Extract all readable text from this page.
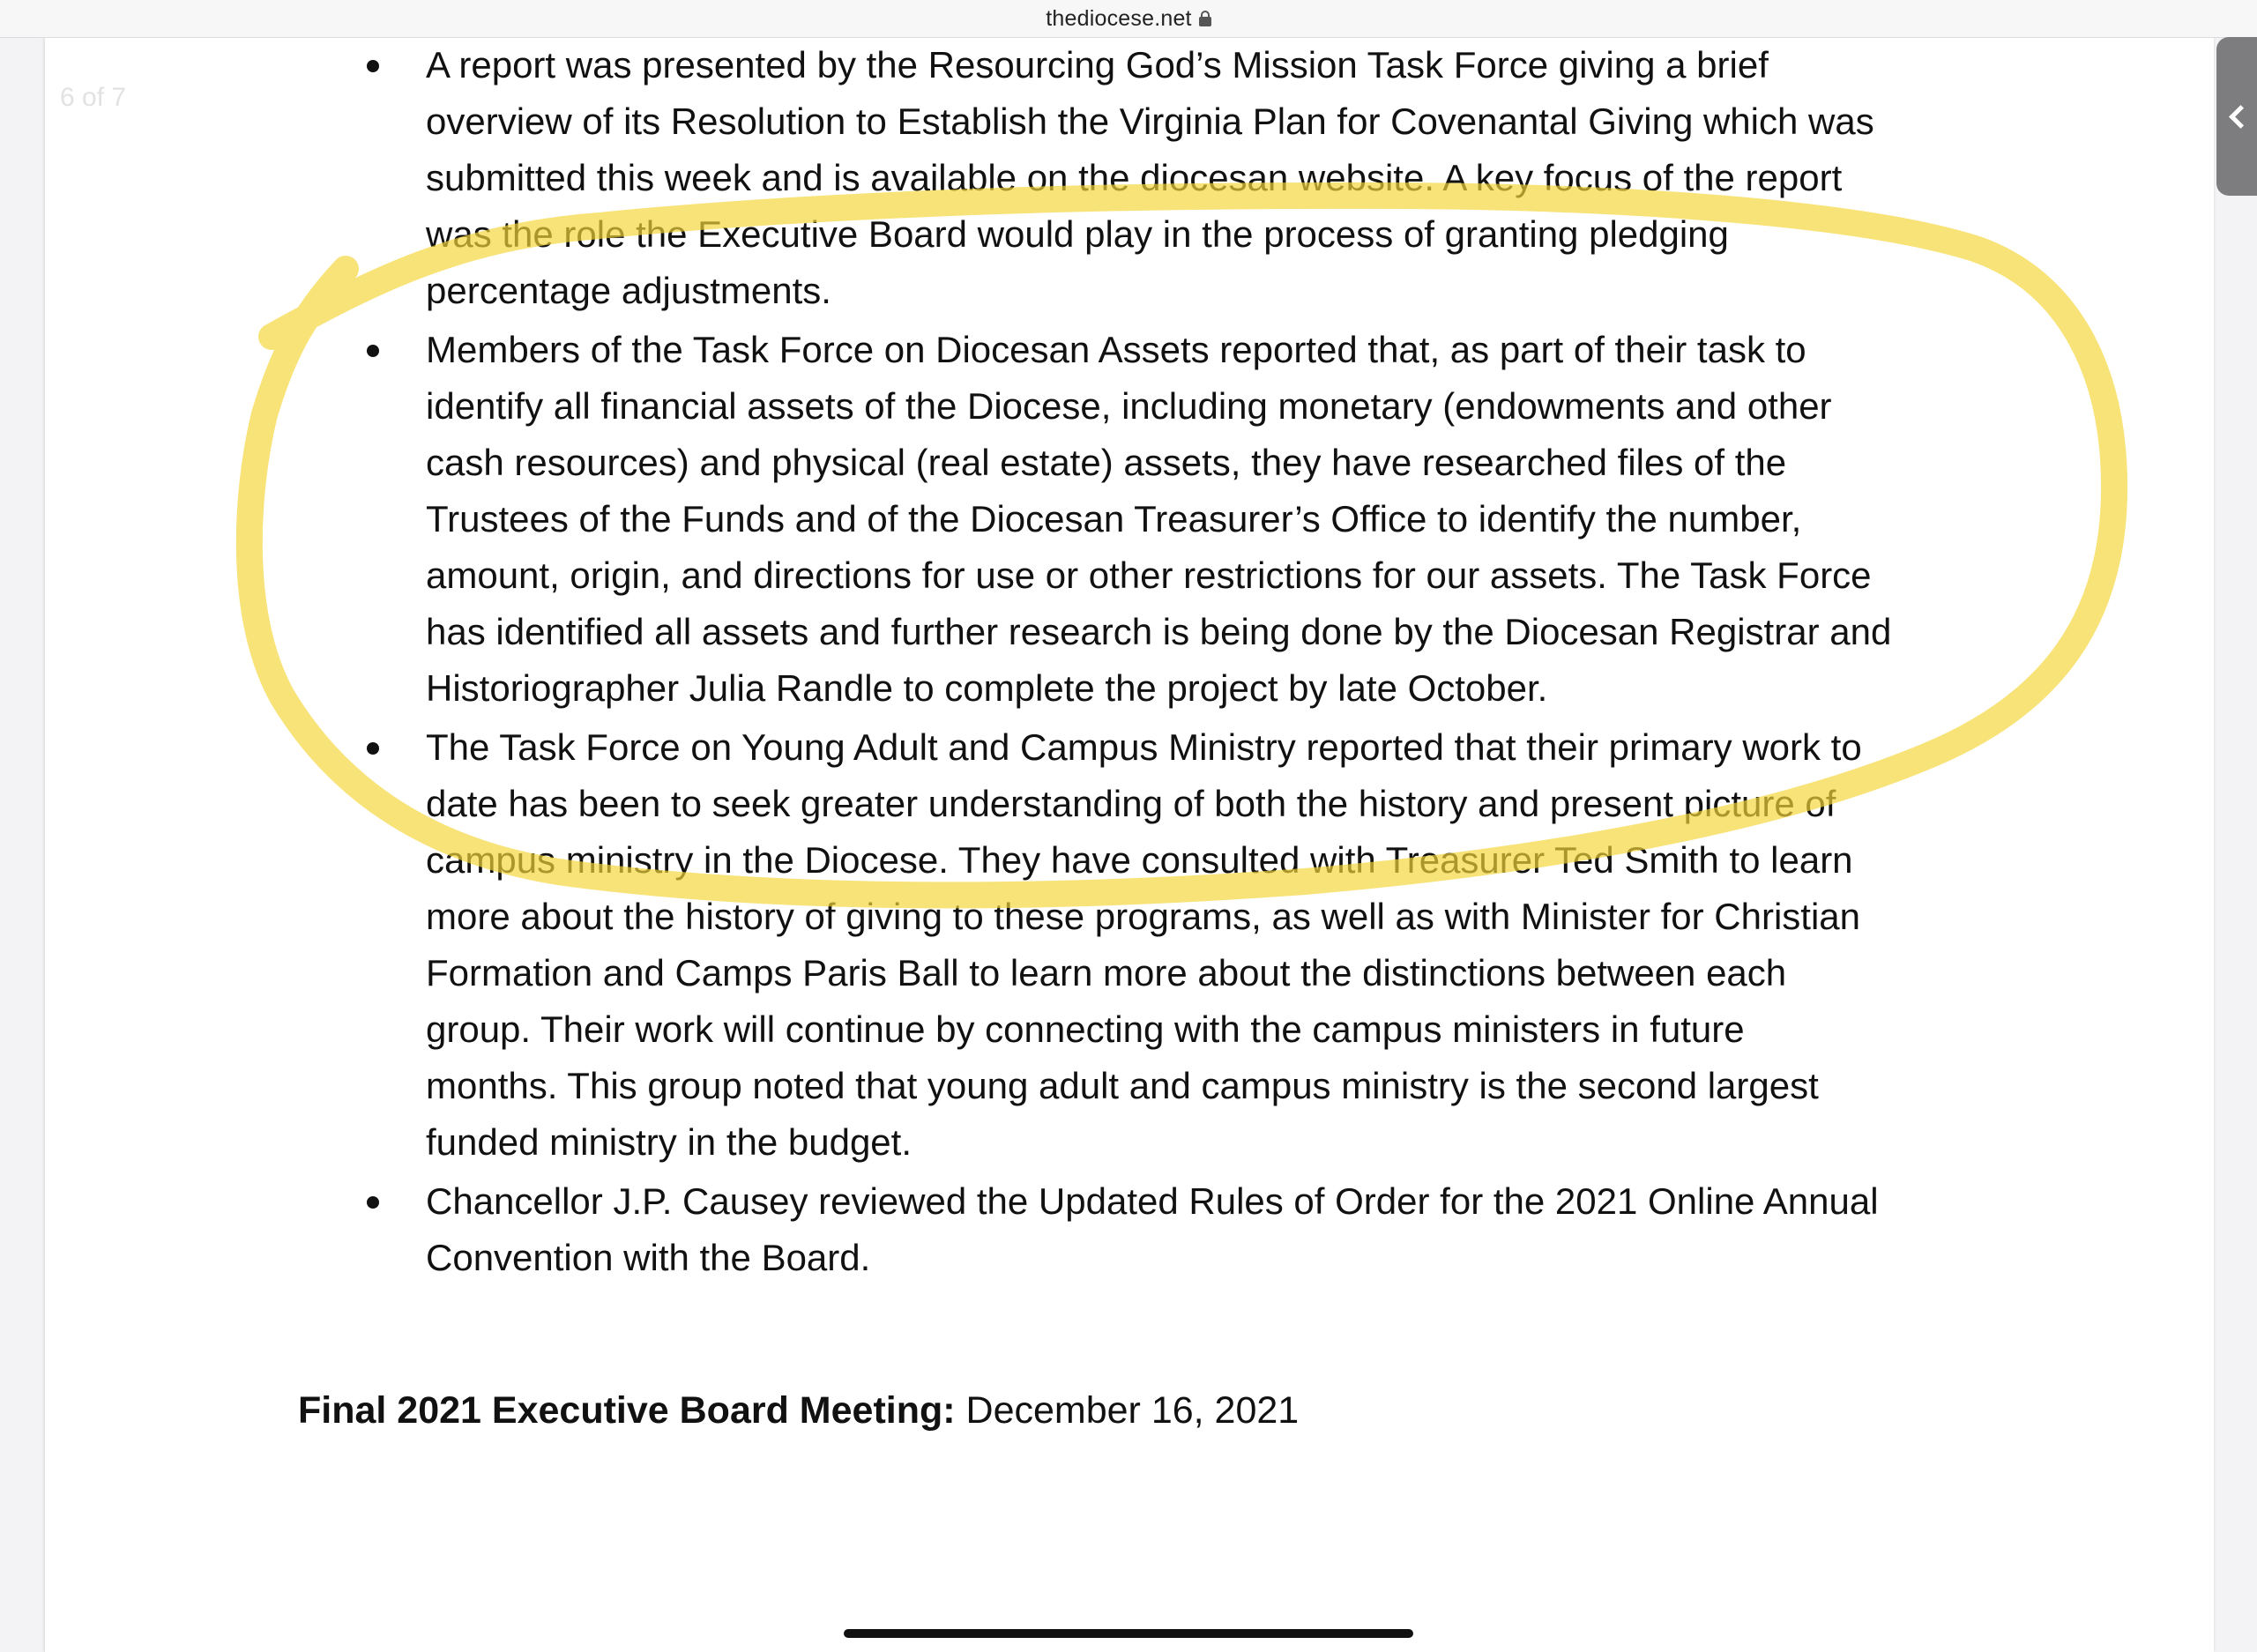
thediocese.net
6 of 7
A report was presented by the Resourcing God’s Mission Task Force giving a brief
overview of its Resolution to Establish the Virginia Plan for Covenantal Giving which was
submitted this week and is available on the diocesan website. A key focus of the report
was the role the Executive Board would play in the process of granting pledging
percentage adjustments.
Members of the Task Force on Diocesan Assets reported that, as part of their task to
identify all financial assets of the Diocese, including monetary (endowments and other
cash resources) and physical (real estate) assets, they have researched files of the
Trustees of the Funds and of the Diocesan Treasurer’s Office to identify the number,
amount, origin, and directions for use or other restrictions for our assets. The Task Force
has identified all assets and further research is being done by the Diocesan Registrar and
Historiographer Julia Randle to complete the project by late October.
The Task Force on Young Adult and Campus Ministry reported that their primary work to
date has been to seek greater understanding of both the history and present picture of
campus ministry in the Diocese. They have consulted with Treasurer Ted Smith to learn
more about the history of giving to these programs, as well as with Minister for Christian
Formation and Camps Paris Ball to learn more about the distinctions between each
group. Their work will continue by connecting with the campus ministers in future
months. This group noted that young adult and campus ministry is the second largest
funded ministry in the budget.
Chancellor J.P. Causey reviewed the Updated Rules of Order for the 2021 Online Annual
Convention with the Board.
Final 2021 Executive Board Meeting: December 16, 2021
